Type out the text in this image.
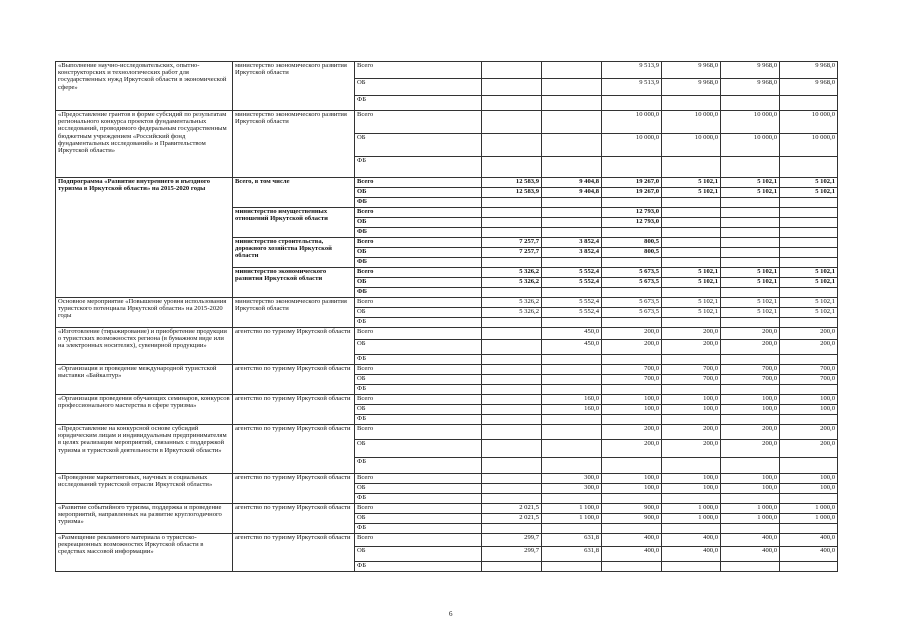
«Выполнение научно-исследовательских, опытно-конструкторских и технологических работ для государственных нужд Иркутской области в экономической сфере»	министерство экономического развития Иркутской области	Всего			9 513,9	9 968,0	9 968,0	9 968,0
		ОБ			9 513,9	9 968,0	9 968,0	9 968,0
		ФБ						
«Предоставление грантов в форме субсидий по результатам регионального конкурса проектов фундаментальных исследований, проводимого федеральным государственным бюджетным учреждением «Российский фонд фундаментальных исследований» и Правительством Иркутской области»	министерство экономического развития Иркутской области	Всего			10 000,0	10 000,0	10 000,0	10 000,0
		ОБ			10 000,0	10 000,0	10 000,0	10 000,0
		ФБ						
Подпрограмма «Развитие внутреннего и въездного туризма в Иркутской области» на 2015-2020 годы	Всего, в том числе	Всего	12 583,9	9 404,8	19 267,0	5 102,1	5 102,1	5 102,1
		ОБ	12 583,9	9 404,8	19 267,0	5 102,1	5 102,1	5 102,1
		ФБ						
	министерство имущественных отношений Иркутской области	Всего			12 793,0			
		ОБ			12 793,0			
		ФБ						
	министерство строительства, дорожного хозяйства Иркутской области	Всего	7 257,7	3 852,4	800,5			
		ОБ	7 257,7	3 852,4	800,5			
		ФБ						
	министерство экономического развития Иркутской области	Всего	5 326,2	5 552,4	5 673,5	5 102,1	5 102,1	5 102,1
		ОБ	5 326,2	5 552,4	5 673,5	5 102,1	5 102,1	5 102,1
		ФБ						
Основное мероприятие «Повышение уровня использования туристского потенциала Иркутской области» на 2015-2020 годы	министерство экономического развития Иркутской области	Всего	5 326,2	5 552,4	5 673,5	5 102,1	5 102,1	5 102,1
		ОБ	5 326,2	5 552,4	5 673,5	5 102,1	5 102,1	5 102,1
		ФБ						
«Изготовление (тиражирование) и приобретение продукции о туристских возможностях региона (в бумажном виде или на электронных носителях), сувенирной продукции»	агентство по туризму Иркутской области	Всего		450,0	200,0	200,0	200,0	200,0
		ОБ		450,0	200,0	200,0	200,0	200,0
		ФБ						
«Организация и проведение международной туристской выставки «Байкалтур»	агентство по туризму Иркутской области	Всего			700,0	700,0	700,0	700,0
		ОБ			700,0	700,0	700,0	700,0
		ФБ						
«Организация проведения обучающих семинаров, конкурсов профессионального мастерства в сфере туризма»	агентство по туризму Иркутской области	Всего		160,0	100,0	100,0	100,0	100,0
		ОБ		160,0	100,0	100,0	100,0	100,0
		ФБ						
«Предоставление на конкурсной основе субсидий юридическим лицам и индивидуальным предпринимателям в целях реализации мероприятий, связанных с поддержкой туризма и туристской деятельности в Иркутской области»	агентство по туризму Иркутской области	Всего			200,0	200,0	200,0	200,0
		ОБ			200,0	200,0	200,0	200,0
		ФБ						
«Проведение маркетинговых, научных и социальных исследований туристской отрасли Иркутской области»	агентство по туризму Иркутской области	Всего		300,0	100,0	100,0	100,0	100,0
		ОБ		300,0	100,0	100,0	100,0	100,0
		ФБ						
«Развитие событийного туризма, поддержка и проведение мероприятий, направленных на развитие круглогодичного туризма»	агентство по туризму Иркутской области	Всего	2 021,5	1 100,0	900,0	1 000,0	1 000,0	1 000,0
		ОБ	2 021,5	1 100,0	900,0	1 000,0	1 000,0	1 000,0
		ФБ						
«Размещение рекламного материала о туристско-рекреационных возможностях Иркутской области в средствах массовой информации»	агентство по туризму Иркутской области	Всего	299,7	631,8	400,0	400,0	400,0	400,0
		ОБ	299,7	631,8	400,0	400,0	400,0	400,0
		ФБ						
6
